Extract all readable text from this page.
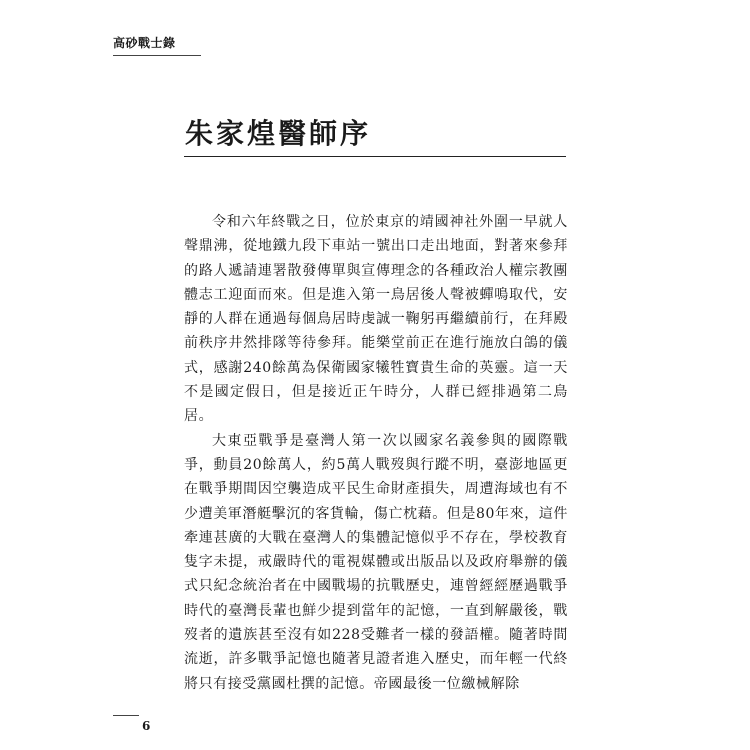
高砂戰士錄
朱家煌醫師序

令和六年終戰之日，位於東京的靖國神社外圍一早就人聲鼎沸，從地鐵九段下車站一號出口走出地面，對著來參拜的路人遞請連署散發傳單與宣傳理念的各種政治人權宗教團體志工迎面而來。但是進入第一鳥居後人聲被蟬鳴取代，安靜的人群在通過每個鳥居時虔誠一鞠躬再繼續前行，在拜殿前秩序井然排隊等待參拜。能樂堂前正在進行施放白鴿的儀式，感謝240餘萬為保衛國家犧牲寶貴生命的英靈。這一天不是國定假日，但是接近正午時分，人群已經排過第二鳥居。

大東亞戰爭是臺灣人第一次以國家名義參與的國際戰爭，動員20餘萬人，約5萬人戰歿與行蹤不明，臺澎地區更在戰爭期間因空襲造成平民生命財產損失，周遭海域也有不少遭美軍潛艇擊沉的客貨輪，傷亡枕藉。但是80年來，這件牽連甚廣的大戰在臺灣人的集體記憶似乎不存在，學校教育隻字未提，戒嚴時代的電視媒體或出版品以及政府舉辦的儀式只紀念統治者在中國戰場的抗戰歷史，連曾經經歷過戰爭時代的臺灣長輩也鮮少提到當年的記憶，一直到解嚴後，戰歿者的遺族甚至沒有如228受難者一樣的發語權。隨著時間流逝，許多戰爭記憶也隨著見證者進入歷史，而年輕一代終將只有接受黨國杜撰的記憶。帝國最後一位繳械解除

6
